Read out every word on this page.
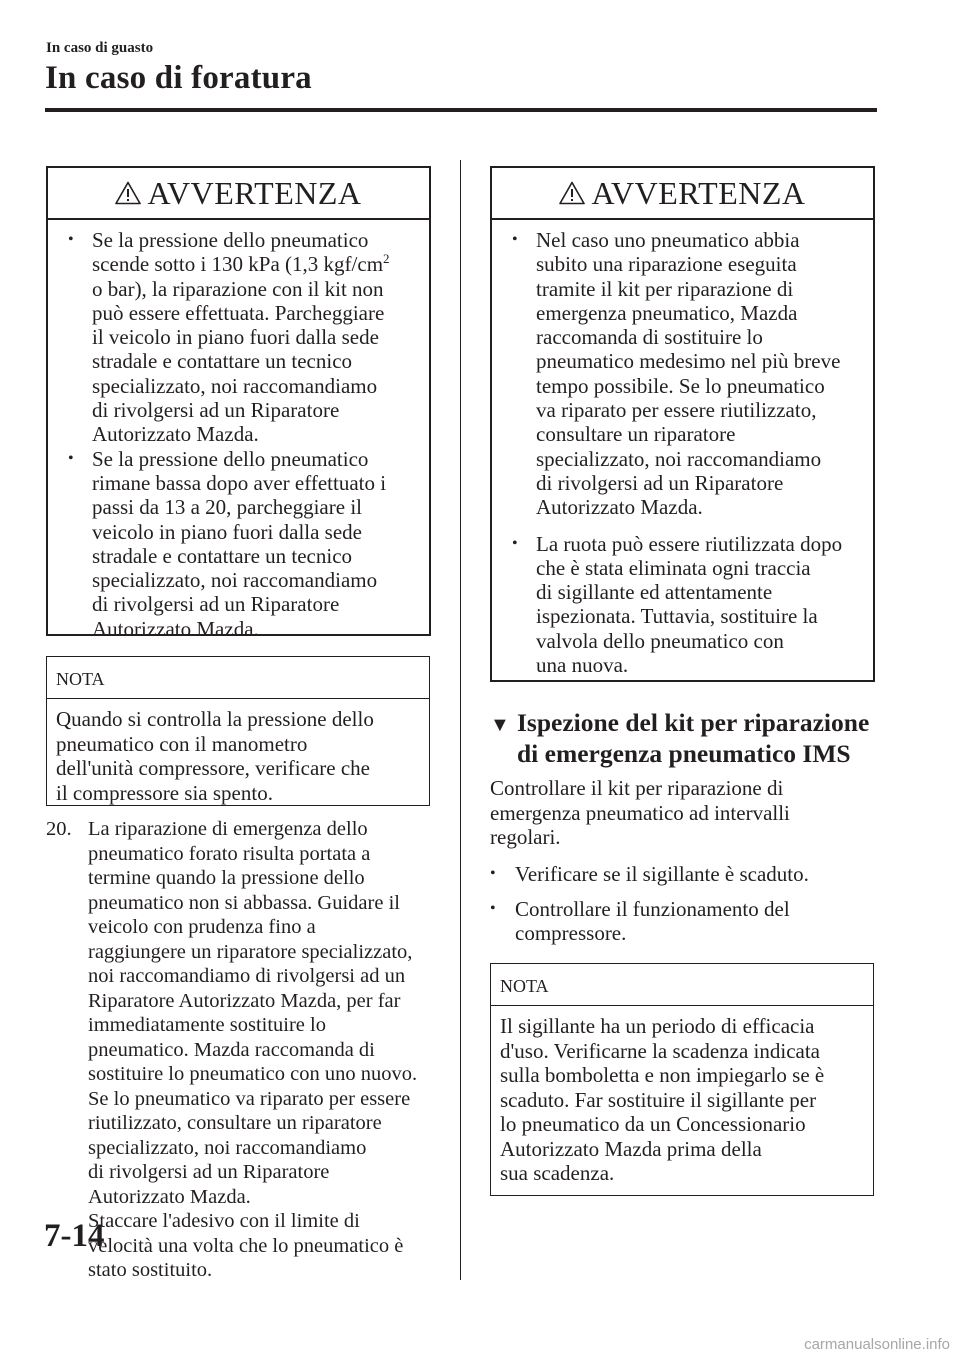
In caso di guasto
In caso di foratura
AVVERTENZA
• Se la pressione dello pneumatico
scende sotto i 130 kPa (1,3 kgf/$cm^2$
o bar), la riparazione con il kit non
può essere effettuata. Parcheggiare
il veicolo in piano fuori dalla sede
stradale e contattare un tecnico
specializzato, noi raccomandiamo
di rivolgersi ad un Riparatore
Autorizzato Mazda.
• Se la pressione dello pneumatico
rimane bassa dopo aver effettuato i
passi da 13 a 20, parcheggiare il
veicolo in piano fuori dalla sede
stradale e contattare un tecnico
specializzato, noi raccomandiamo
di rivolgersi ad un Riparatore
Autorizzato Mazda.
NOTA
Quando si controlla la pressione dello
pneumatico con il manometro
dell'unità compressore, verificare che
il compressore sia spento.
20. La riparazione di emergenza dello
pneumatico forato risulta portata a
termine quando la pressione dello
pneumatico non si abbassa. Guidare il
veicolo con prudenza fino a
raggiungere un riparatore specializzato,
noi raccomandiamo di rivolgersi ad un
Riparatore Autorizzato Mazda, per far
immediatamente sostituire lo
pneumatico. Mazda raccomanda di
sostituire lo pneumatico con uno nuovo.
Se lo pneumatico va riparato per essere
riutilizzato, consultare un riparatore
specializzato, noi raccomandiamo
di rivolgersi ad un Riparatore
Autorizzato Mazda.
Staccare l'adesivo con il limite di
velocità una volta che lo pneumatico è
stato sostituito.
AVVERTENZA
• Nel caso uno pneumatico abbia
subito una riparazione eseguita
tramite il kit per riparazione di
emergenza pneumatico, Mazda
raccomanda di sostituire lo
pneumatico medesimo nel più breve
tempo possibile. Se lo pneumatico
va riparato per essere riutilizzato,
consultare un riparatore
specializzato, noi raccomandiamo
di rivolgersi ad un Riparatore
Autorizzato Mazda.
• La ruota può essere riutilizzata dopo
che è stata eliminata ogni traccia
di sigillante ed attentamente
ispezionata. Tuttavia, sostituire la
valvola dello pneumatico con
una nuova.
▼ Ispezione del kit per riparazione
di emergenza pneumatico IMS
Controllare il kit per riparazione di
emergenza pneumatico ad intervalli
regolari.
• Verificare se il sigillante è scaduto.
• Controllare il funzionamento del
compressore.
NOTA
Il sigillante ha un periodo di efficacia
d'uso. Verificarne la scadenza indicata
sulla bomboletta e non impiegarlo se è
scaduto. Far sostituire il sigillante per
lo pneumatico da un Concessionario
Autorizzato Mazda prima della
sua scadenza.
7-14
carmanualsonline.info
